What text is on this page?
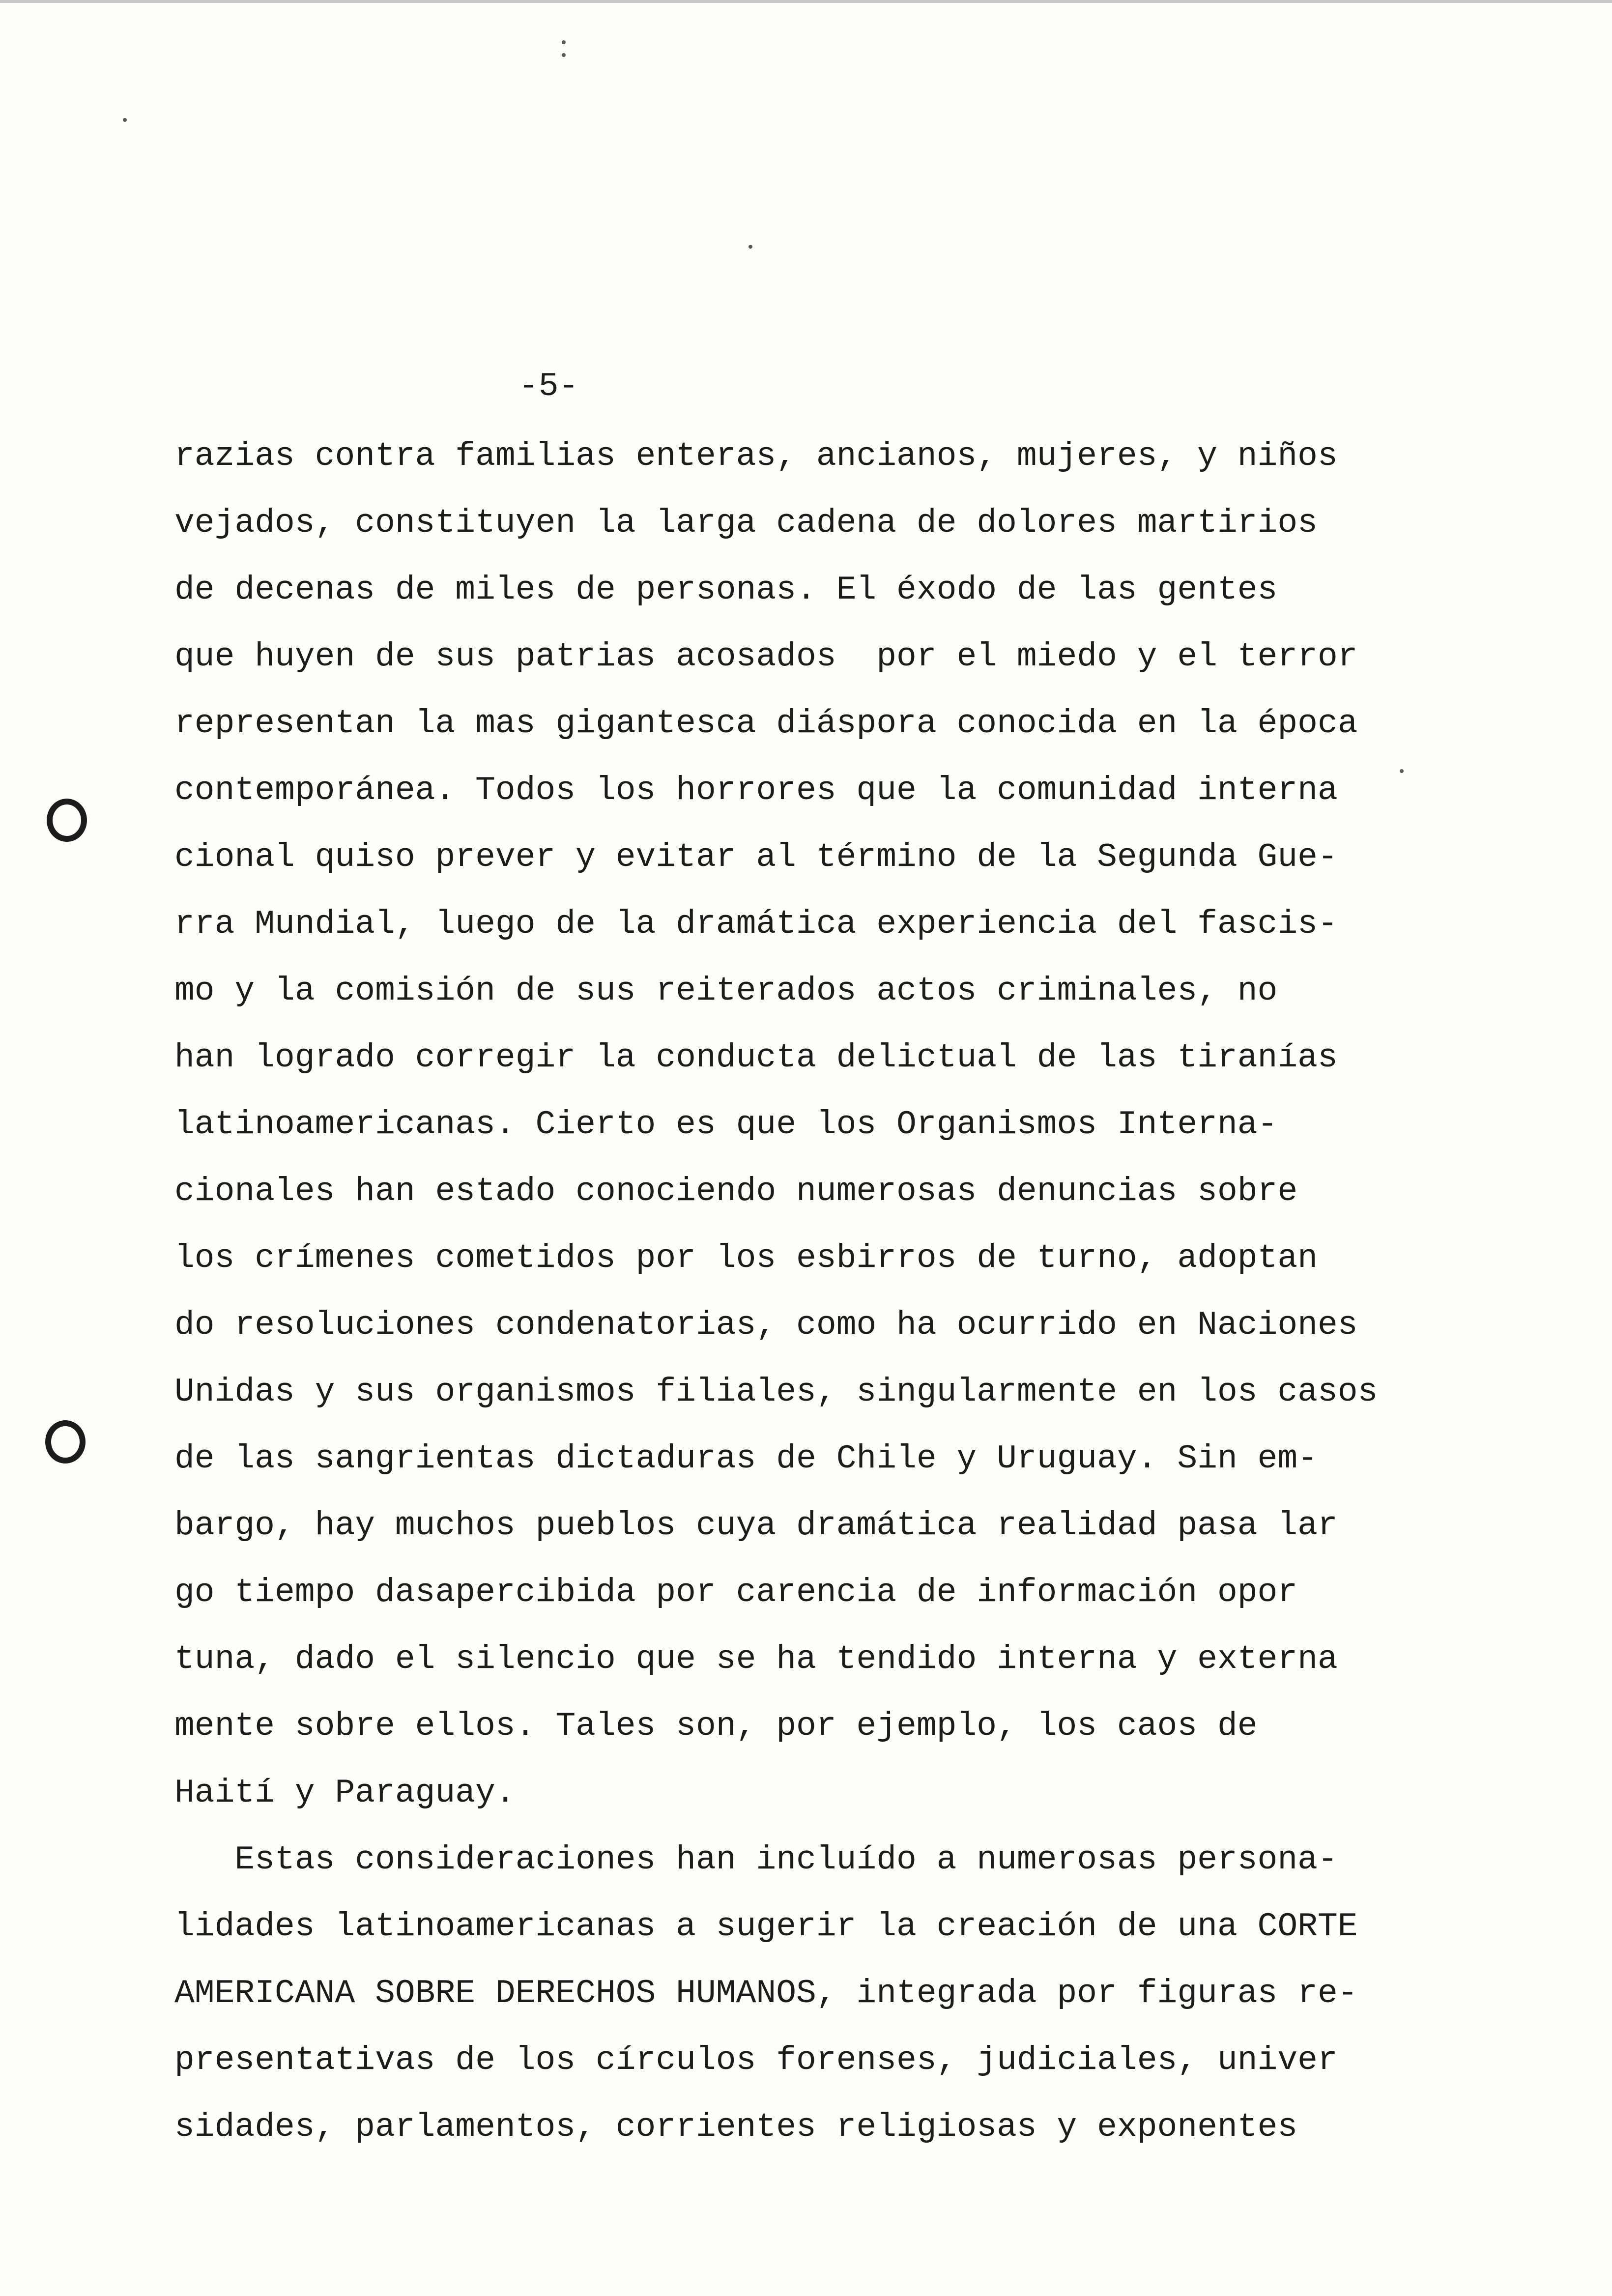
-5-
razias contra familias enteras, ancianos, mujeres, y niños
vejados, constituyen la larga cadena de dolores martirios
de decenas de miles de personas. El éxodo de las gentes
que huyen de sus patrias acosados  por el miedo y el terror
representan la mas gigantesca diáspora conocida en la época
contemporánea. Todos los horrores que la comunidad interna
cional quiso prever y evitar al término de la Segunda Gue-
rra Mundial, luego de la dramática experiencia del fascis-
mo y la comisión de sus reiterados actos criminales, no
han logrado corregir la conducta delictual de las tiranías
latinoamericanas. Cierto es que los Organismos Interna-
cionales han estado conociendo numerosas denuncias sobre
los crímenes cometidos por los esbirros de turno, adoptan
do resoluciones condenatorias, como ha ocurrido en Naciones
Unidas y sus organismos filiales, singularmente en los casos
de las sangrientas dictaduras de Chile y Uruguay. Sin em-
bargo, hay muchos pueblos cuya dramática realidad pasa lar
go tiempo dasapercibida por carencia de información opor
tuna, dado el silencio que se ha tendido interna y externa
mente sobre ellos. Tales son, por ejemplo, los caos de
Haití y Paraguay.
Estas consideraciones han incluído a numerosas persona-
lidades latinoamericanas a sugerir la creación de una CORTE
AMERICANA SOBRE DERECHOS HUMANOS, integrada por figuras re-
presentativas de los círculos forenses, judiciales, univer
sidades, parlamentos, corrientes religiosas y exponentes
